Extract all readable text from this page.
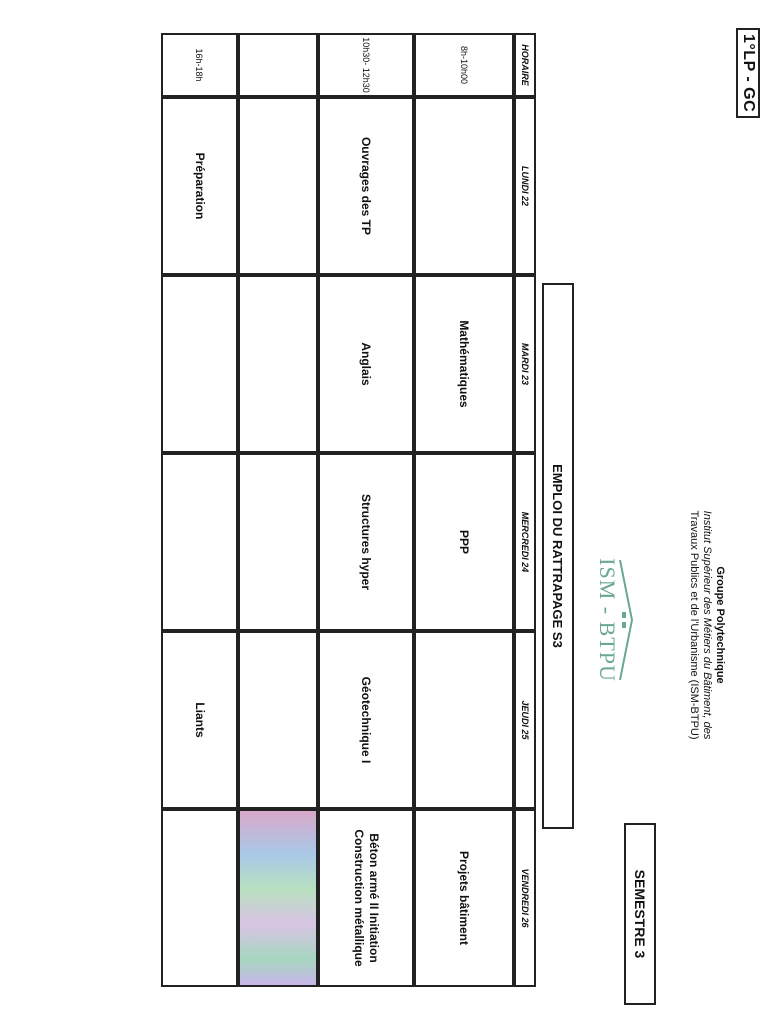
1°LP - GC
Groupe Polytechnique
Institut Supérieur des Métiers du Bâtiment, des
Travaux Publics et de l'Urbanisme (ISM-BTPU)
ISM - BTPU
SEMESTRE 3
EMPLOI DU RATTRAPAGE S3
HORAIRE	LUNDI 22	MARDI 23	MERCREDI 24	JEUDI 25	VENDREDI 26
8h-10h00		Mathématiques	PPP		Projets bâtiment
10h30- 12h30	Ouvrages des TP	Anglais	Structures hyper	Géotechnique I	Béton armé II Initiation Construction métallique

16h-18h	Préparation			Liants	
